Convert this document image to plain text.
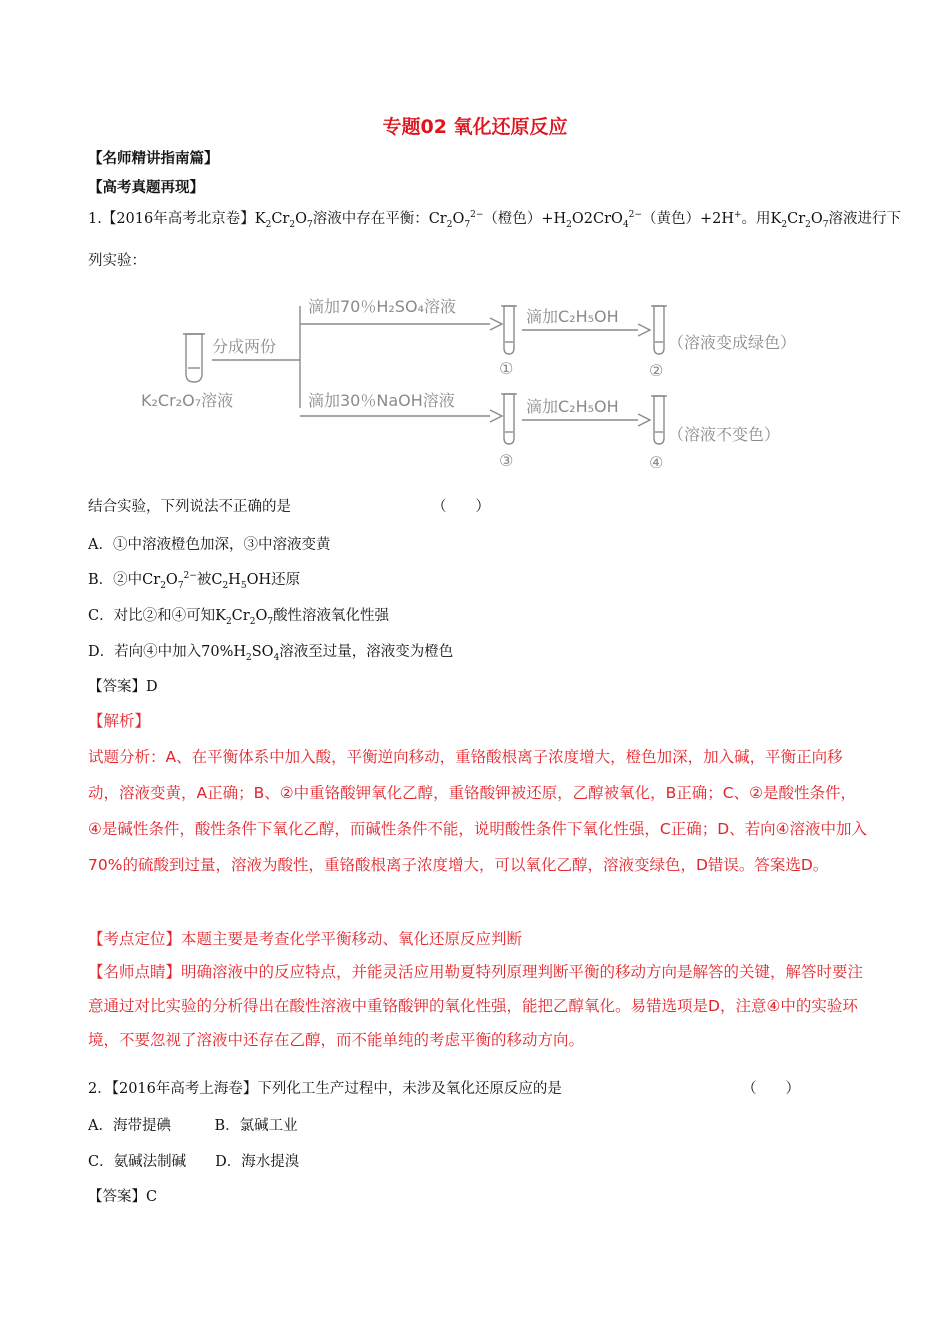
专题02 氧化还原反应
【名师精讲指南篇】
【高考真题再现】
1.【2016年高考北京卷】$K_2Cr_2O_7$溶液中存在平衡：$Cr_2O_7^{2-}$（橙色）$+H_2O2CrO_4^{2-}$（黄色）+2H+。用$K_2Cr_2O_7$溶液进行下
列实验：
K₂Cr₂O₇溶液
分成两份
滴加70％H₂SO₄溶液
滴加30％NaOH溶液
滴加C₂H₅OH
滴加C₂H₅OH
①	②
③	④
（溶液变成绿色）
（溶液不变色）
结合实验，下列说法不正确的是	（　　）
A．①中溶液橙色加深，③中溶液变黄
B．②中$Cr_2O_7^{2-}$被$C_2H_5OH$还原
C．对比②和④可知$K_2Cr_2O_7$酸性溶液氧化性强
D．若向④中加入$70\%H_2SO_4$溶液至过量，溶液变为橙色
【答案】D
【解析】
试题分析：A、在平衡体系中加入酸，平衡逆向移动，重铬酸根离子浓度增大，橙色加深，加入碱，平衡正向移动，溶液变黄，A正确；B、②中重铬酸钾氧化乙醇，重铬酸钾被还原，乙醇被氧化，B正确；C、②是酸性条件，④是碱性条件，酸性条件下氧化乙醇，而碱性条件不能，说明酸性条件下氧化性强，C正确；D、若向④溶液中加入70%的硫酸到过量，溶液为酸性，重铬酸根离子浓度增大，可以氧化乙醇，溶液变绿色，D错误。答案选D。
【考点定位】本题主要是考查化学平衡移动、氧化还原反应判断
【名师点睛】明确溶液中的反应特点，并能灵活应用勒夏特列原理判断平衡的移动方向是解答的关键，解答时要注意通过对比实验的分析得出在酸性溶液中重铬酸钾的氧化性强，能把乙醇氧化。易错选项是D，注意④中的实验环境，不要忽视了溶液中还存在乙醇，而不能单纯的考虑平衡的移动方向。
2．【2016年高考上海卷】下列化工生产过程中，未涉及氧化还原反应的是	（　　）
A．海带提碘　　　B．氯碱工业
C．氨碱法制碱　　D．海水提溴
【答案】C
